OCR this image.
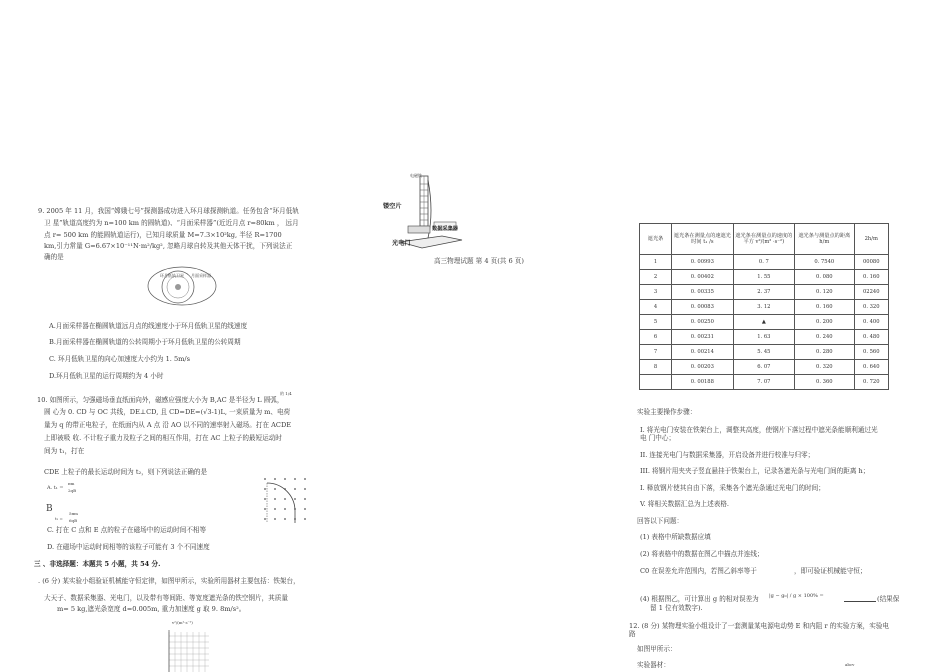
9. 2005 年 11 月，我国“嫦娥七号”探测器成功进入环月球探测轨道。任务包含“环月低轨
卫 星”轨道高度约为 n=100 km 的圆轨道)、“月面采样器”(近近月点 r=80km ， 远月
点 r= 500 km 的能圆轨道运行)，已知月球质量 M=7.3×10²kg, 半径 R=1700
km,引力常量 G=6.67×10⁻¹¹N·m²/kg², 忽略月球自转及其他天体干扰，下列说法正
确的是
环月低轨卫星 月面采样器
A.月面采样器在椭圆轨道远月点的线速度小于环月低轨卫星的线速度
B.月面采样器在椭圆轨道的公转周期小于环月低轨卫星的公转周期
C. 环月低轨卫星的向心加速度大小约为 1. 5m/s
D.环月低轨卫星的运行周期约为 4 小时
10. 如图所示，匀强磁场垂直纸面向外，磁感应强度大小为 B,AC 是半径为 L 圆弧，
的 1/4
圆 心为 0. CD 与 OC 共线，DE⊥CD, 且 CD=DE=(√3-1)L, 一束质量为 m、电荷
量为 q 的带正电粒子，在纸面内从 A 点 沿 AO 以不同的速率射入磁场。打在 ACDE
上即被吸 收. 不计粒子重力及粒子之间的相互作用，打在 AC 上粒子的最短运动时
间为 t₁，打在
CDE 上粒子的最长运动时间为 t₂，则下列说法正确的是
A. t₁ =
πm
2qB
B
t₂ =
5πm
6qB
C. 打在 C 点和 E 点的粒子在磁场中的运动时间不相等
D. 在磁场中运动时间相等的该粒子可能有 3 个不同速度
三 、非选择题：本题共 5 小题，共 54 分.
. (6 分) 某实验小组验证机械能守恒定律，如图甲所示，实验所用器材主要包括：铁架台，
大天子、数据采集器、光电门，以及带有等间距、等宽度遮光条的铁空钢片，其质量
m= 5 kg,遮光条宽度 d=0.005m, 重力加速度 g 取 9. 8m/s²。
v²/(m²·s⁻²)
电磁铁
镂空片
数据采集器
光电门
高三物理试题 第 4 页(共 6 页)
遮光条	遮光条在测量点的速遮光时间 t₁ /s	遮光条在测量点的速度的 平方 v²/(m² ·s⁻²)	遮光条与测量点的距离 h/m	2h/m
1	0. 00993	0. 7	0. 7540	00080
2	0. 00402	1. 55	0. 080	0. 160
3	0. 00335	2. 37	0. 120	02240
4	0. 00083	3. 12	0. 160	0. 320
5	0. 00250	▲	0. 200	0. 400
6	0. 00231	1. 63	0. 240	0. 480
7	0. 00214	5. 45	0. 280	0. 560
8	0. 00203	6. 07	0. 320	0. 640
	0. 00188	7. 07	0. 360	0. 720
实验主要操作步骤：
I. 将光电门安装在铁架台上，调整其高度，使钢片下落过程中遮光条能顺利通过光
电 门中心；
II. 连接光电门与数据采集器，开启设备并进行校准与归零；
III. 将钢片用夹夹子竖直悬挂于铁架台上，记录各遮光条与光电门间的距离 h；
I. 释放钢片使其自由下落，采集各个遮光条通过光电门的时间；
V. 将相关数据汇总为上述表格.
回答以下问题：
(1) 表格中所缺数据应填
(2) 将表格中的数据在图乙中描点并连线；
C0 在误差允许范围内，若图乙斜率等于	，即可验证机械能守恒；
(4) 根据图乙，可计算出 g 的相对误差为 |g − g₀| / g × 100% =	(结果保
留 1 位有效数字).
12. (8 分) 某物理实验小组设计了一套测量某电源电动势 E 和内阻 r 的实验方案，实验电
路
如图甲所示：
实验器材：	abcv
